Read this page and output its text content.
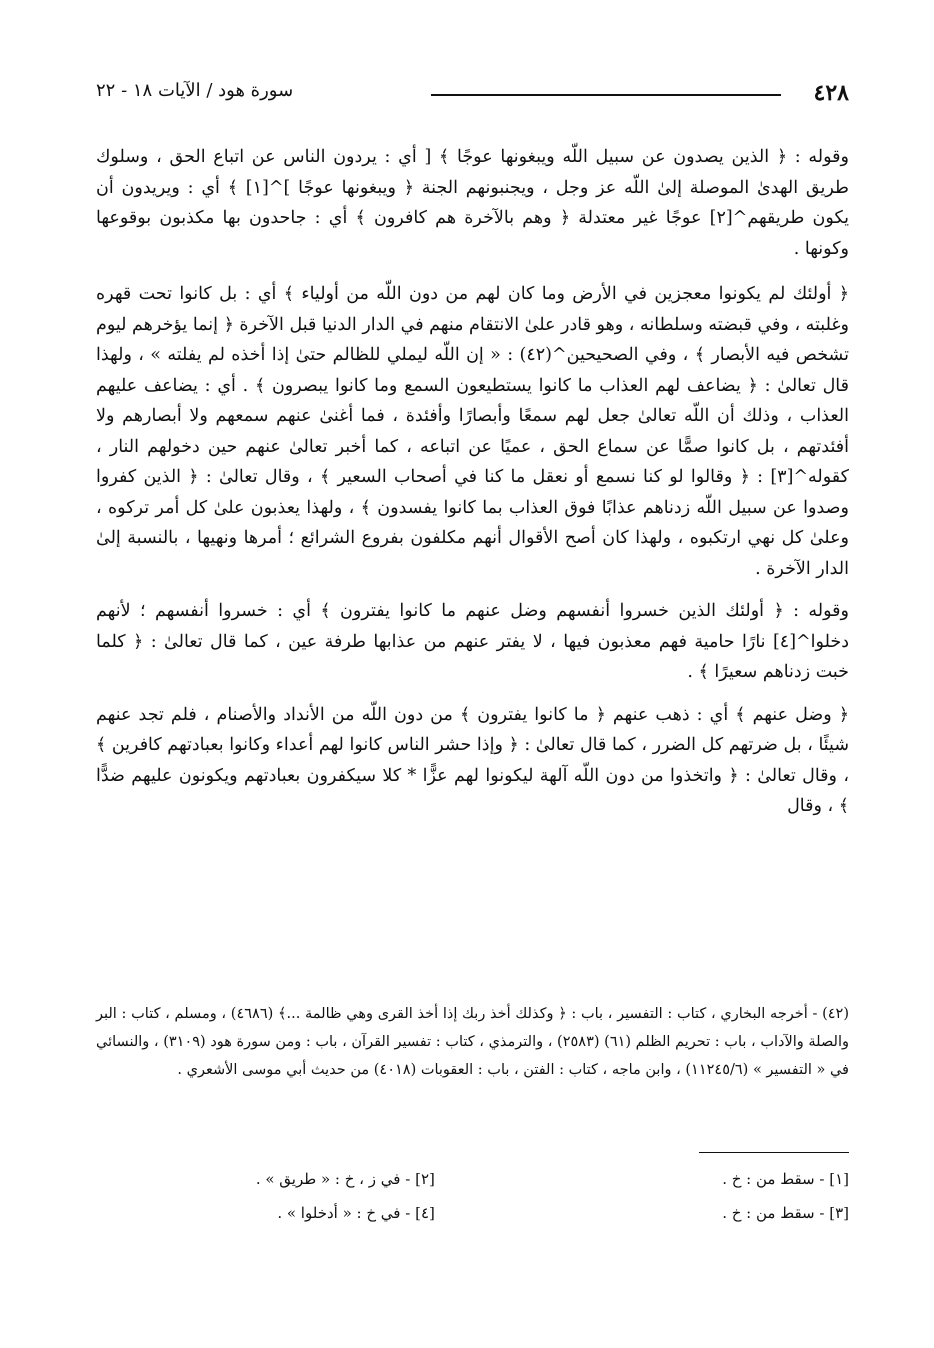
٤٢٨
سورة هود / الآيات ١٨ - ٢٢

وقوله : ﴿ الذين يصدون عن سبيل اللّه ويبغونها عوجًا ﴾ [ أي : يردون الناس عن اتباع الحق ، وسلوك طريق الهدىٰ الموصلة إلىٰ اللّه عز وجل ، ويجنبونهم الجنة ﴿ ويبغونها عوجًا ]^[١] ﴾ أي : ويريدون أن يكون طريقهم^[٢] عوجًا غير معتدلة ﴿ وهم بالآخرة هم كافرون ﴾ أي : جاحدون بها مكذبون بوقوعها وكونها .

﴿ أولئك لم يكونوا معجزين في الأرض وما كان لهم من دون اللّه من أولياء ﴾ أي : بل كانوا تحت قهره وغلبته ، وفي قبضته وسلطانه ، وهو قادر علىٰ الانتقام منهم في الدار الدنيا قبل الآخرة ﴿ إنما يؤخرهم ليوم تشخص فيه الأبصار ﴾ ، وفي الصحيحين^(٤٢) : « إن اللّه ليملي للظالم حتىٰ إذا أخذه لم يفلته » ، ولهذا قال تعالىٰ : ﴿ يضاعف لهم العذاب ما كانوا يستطيعون السمع وما كانوا يبصرون ﴾ . أي : يضاعف عليهم العذاب ، وذلك أن اللّه تعالىٰ جعل لهم سمعًا وأبصارًا وأفئدة ، فما أغنىٰ عنهم سمعهم ولا أبصارهم ولا أفئدتهم ، بل كانوا صمًّا عن سماع الحق ، عميًا عن اتباعه ، كما أخبر تعالىٰ عنهم حين دخولهم النار ، كقوله^[٣] : ﴿ وقالوا لو كنا نسمع أو نعقل ما كنا في أصحاب السعير ﴾ ، وقال تعالىٰ : ﴿ الذين كفروا وصدوا عن سبيل اللّه زدناهم عذابًا فوق العذاب بما كانوا يفسدون ﴾ ، ولهذا يعذبون علىٰ كل أمر تركوه ، وعلىٰ كل نهي ارتكبوه ، ولهذا كان أصح الأقوال أنهم مكلفون بفروع الشرائع ؛ أمرها ونهيها ، بالنسبة إلىٰ الدار الآخرة .

وقوله : ﴿ أولئك الذين خسروا أنفسهم وضل عنهم ما كانوا يفترون ﴾ أي : خسروا أنفسهم ؛ لأنهم دخلوا^[٤] نارًا حامية فهم معذبون فيها ، لا يفتر عنهم من عذابها طرفة عين ، كما قال تعالىٰ : ﴿ كلما خبت زدناهم سعيرًا ﴾ .

﴿ وضل عنهم ﴾ أي : ذهب عنهم ﴿ ما كانوا يفترون ﴾ من دون اللّه من الأنداد والأصنام ، فلم تجد عنهم شيئًا ، بل ضرتهم كل الضرر ، كما قال تعالىٰ : ﴿ وإذا حشر الناس كانوا لهم أعداء وكانوا بعبادتهم كافرين ﴾ ، وقال تعالىٰ : ﴿ واتخذوا من دون اللّه آلهة ليكونوا لهم عزًّا * كلا سيكفرون بعبادتهم ويكونون عليهم ضدًّا ﴾ ، وقال

(٤٢) - أخرجه البخاري ، كتاب : التفسير ، باب : ﴿ وكذلك أخذ ربك إذا أخذ القرى وهي ظالمة ...﴾ (٤٦٨٦) ، ومسلم ، كتاب : البر والصلة والآداب ، باب : تحريم الظلم (٦١) (٢٥٨٣) ، والترمذي ، كتاب : تفسير القرآن ، باب : ومن سورة هود (٣١٠٩) ، والنسائي في « التفسير » (١١٢٤٥/٦) ، وابن ماجه ، كتاب : الفتن ، باب : العقوبات (٤٠١٨) من حديث أبي موسى الأشعري .

[١] - سقط من : خ .
[٢] - في ز ، خ : « طريق » .
[٣] - سقط من : خ .
[٤] - في خ : « أدخلوا » .
